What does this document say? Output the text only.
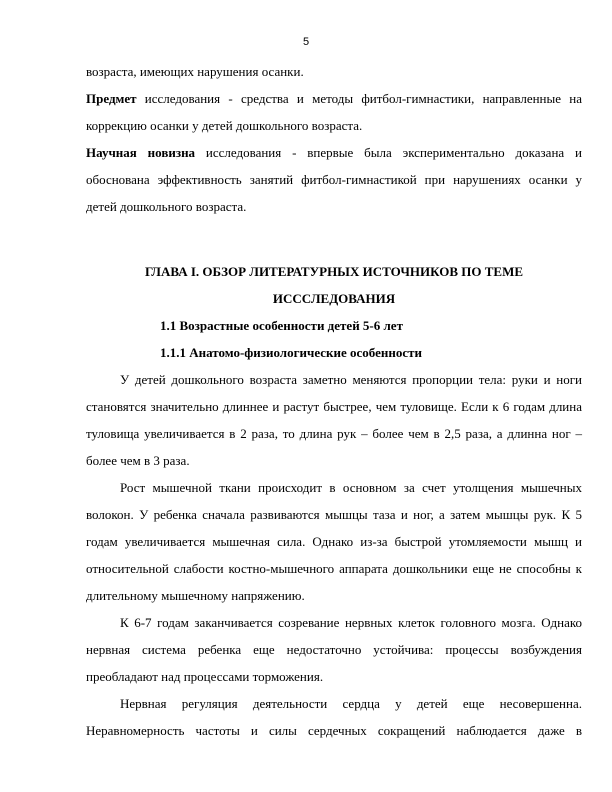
5

возраста, имеющих нарушения осанки.

Предмет исследования - средства и методы фитбол-гимнастики, направленные на коррекцию осанки у детей дошкольного возраста.

Научная новизна исследования - впервые была экспериментально доказана и обоснована эффективность занятий фитбол-гимнастикой при нарушениях осанки у детей дошкольного возраста.

ГЛАВА I. ОБЗОР ЛИТЕРАТУРНЫХ ИСТОЧНИКОВ ПО ТЕМЕ

ИСССЛЕДОВАНИЯ

1.1 Возрастные особенности детей 5-6 лет

1.1.1 Анатомо-физиологические особенности

У детей дошкольного возраста заметно меняются пропорции тела: руки и ноги становятся значительно длиннее и растут быстрее, чем туловище. Если к 6 годам длина туловища увеличивается в 2 раза, то длина рук – более чем в 2,5 раза, а длинна ног – более чем в 3 раза.

Рост мышечной ткани происходит в основном за счет утолщения мышечных волокон. У ребенка сначала развиваются мышцы таза и ног, а затем мышцы рук. К 5 годам увеличивается мышечная сила. Однако из-за быстрой утомляемости мышц и относительной слабости костно-мышечного аппарата дошкольники еще не способны к длительному мышечному напряжению.

К 6-7 годам заканчивается созревание нервных клеток головного мозга. Однако нервная система ребенка еще недостаточно устойчива: процессы возбуждения преобладают над процессами торможения.

Нервная регуляция деятельности сердца у детей еще несовершенна. Неравномерность частоты и силы сердечных сокращений наблюдается даже в
